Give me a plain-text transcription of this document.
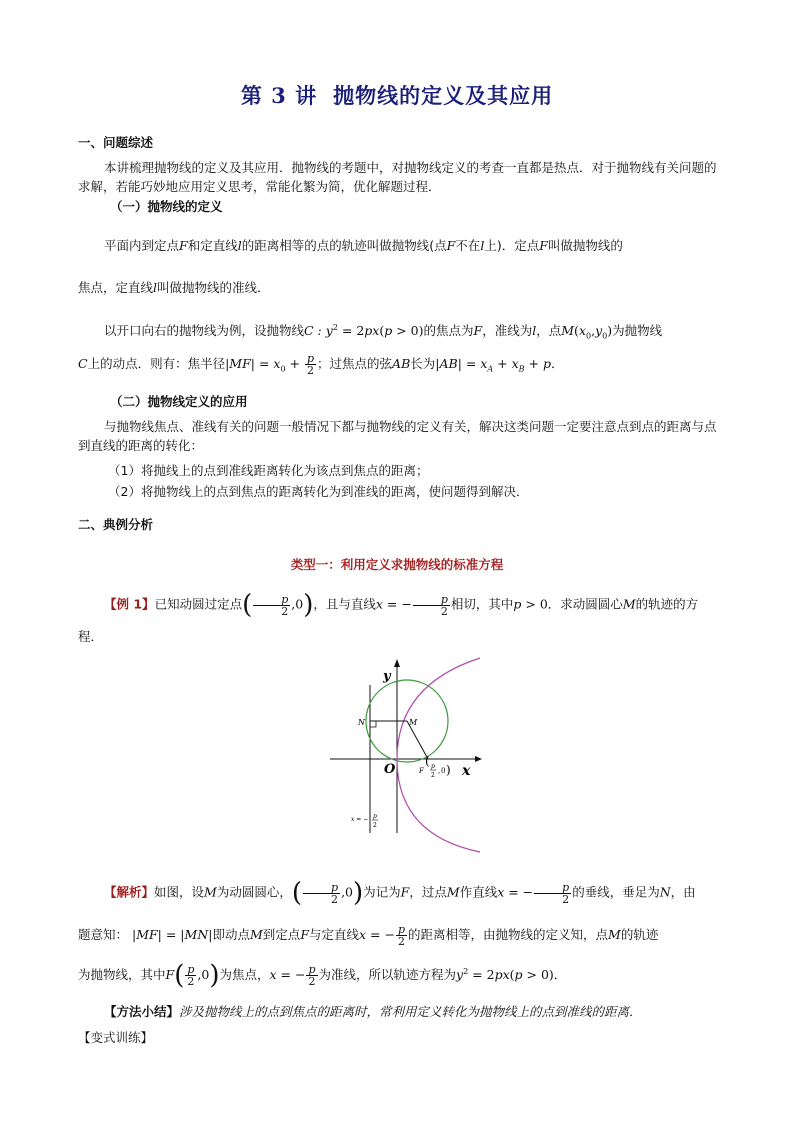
第 3 讲 抛物线的定义及其应用
一、问题综述
本讲梳理抛物线的定义及其应用．抛物线的考题中，对抛物线定义的考查一直都是热点．对于抛物线有关问题的求解，若能巧妙地应用定义思考，常能化繁为简，优化解题过程．
（一）抛物线的定义
平面内到定点F和定直线l的距离相等的点的轨迹叫做抛物线(点F不在l上)．定点F叫做抛物线的
焦点，定直线l叫做抛物线的准线．
以开口向右的抛物线为例，设抛物线C : $y^2 = 2px(p > 0)$的焦点为F，准线为l，点$M(x_0,y_0)$为抛物线
C上的动点．则有：焦半径$|MF| = x_0 + \frac{p}{2}$ ；过焦点的弦AB长为$|AB| = x_A + x_B + p$．
（二）抛物线定义的应用
与抛物线焦点、准线有关的问题一般情况下都与抛物线的定义有关，解决这类问题一定要注意点到点的距离与点到直线的距离的转化：
（1）将抛线上的点到准线距离转化为该点到焦点的距离；
（2）将抛物线上的点到焦点的距离转化为到准线的距离，使问题得到解决．
二、典例分析
类型一：利用定义求抛物线的标准方程
【例 1】已知动圆过定点( $\frac{p}{2} ,0$)，且与直线x = − $\frac{p}{2}$ 相切，其中p > 0．求动圆圆心M的轨迹的方
程．
y
x
O
N	M
F
( p
2
, 0 )
x = − p
2
【解析】如图，设M为动圆圆心，( $\frac{p}{2} ,0$)为记为F，过点M作直线x = − $\frac{p}{2}$ 的垂线，垂足为N，由
题意知： |MF| = |MN|即动点M到定点F与定直线x = − $\frac{p}{2}$ 的距离相等，由抛物线的定义知，点M的轨迹
为抛物线，其中$F( \frac{p}{2} ,0)$为焦点，x = − $\frac{p}{2}$ 为准线，所以轨迹方程为$y^2 = 2px(p > 0)$．
【方法小结】涉及抛物线上的点到焦点的距离时，常利用定义转化为抛物线上的点到准线的距离．
【变式训练】
